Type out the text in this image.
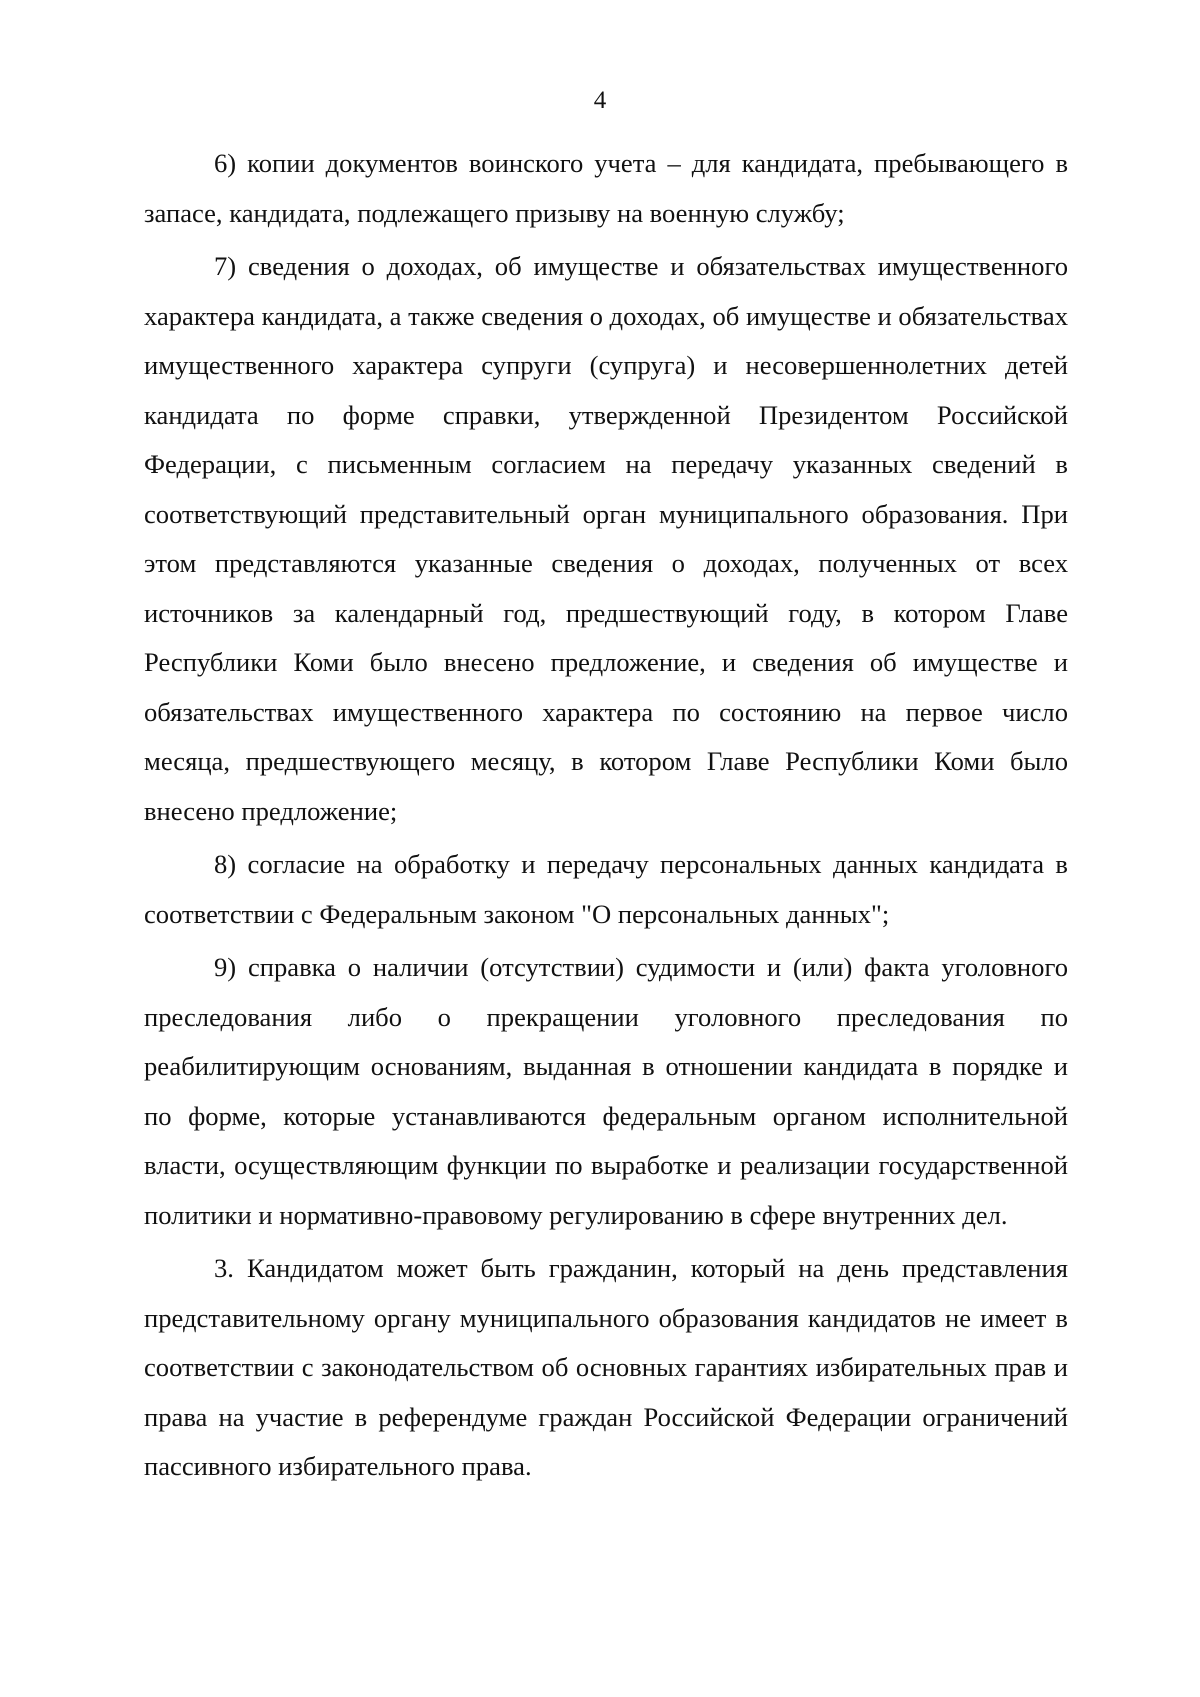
4

6) копии документов воинского учета – для кандидата, пребывающего в запасе, кандидата, подлежащего призыву на военную службу;

7) сведения о доходах, об имуществе и обязательствах имущественного характера кандидата, а также сведения о доходах, об имуществе и обязательствах имущественного характера супруги (супруга) и несовершеннолетних детей кандидата по форме справки, утвержденной Президентом Российской Федерации, с письменным согласием на передачу указанных сведений в соответствующий представительный орган муниципального образования. При этом представляются указанные сведения о доходах, полученных от всех источников за календарный год, предшествующий году, в котором Главе Республики Коми было внесено предложение, и сведения об имуществе и обязательствах имущественного характера по состоянию на первое число месяца, предшествующего месяцу, в котором Главе Республики Коми было внесено предложение;

8) согласие на обработку и передачу персональных данных кандидата в соответствии с Федеральным законом "О персональных данных";

9) справка о наличии (отсутствии) судимости и (или) факта уголовного преследования либо о прекращении уголовного преследования по реабилитирующим основаниям, выданная в отношении кандидата в порядке и по форме, которые устанавливаются федеральным органом исполнительной власти, осуществляющим функции по выработке и реализации государственной политики и нормативно-правовому регулированию в сфере внутренних дел.

3. Кандидатом может быть гражданин, который на день представления представительному органу муниципального образования кандидатов не имеет в соответствии с законодательством об основных гарантиях избирательных прав и права на участие в референдуме граждан Российской Федерации ограничений пассивного избирательного права.
